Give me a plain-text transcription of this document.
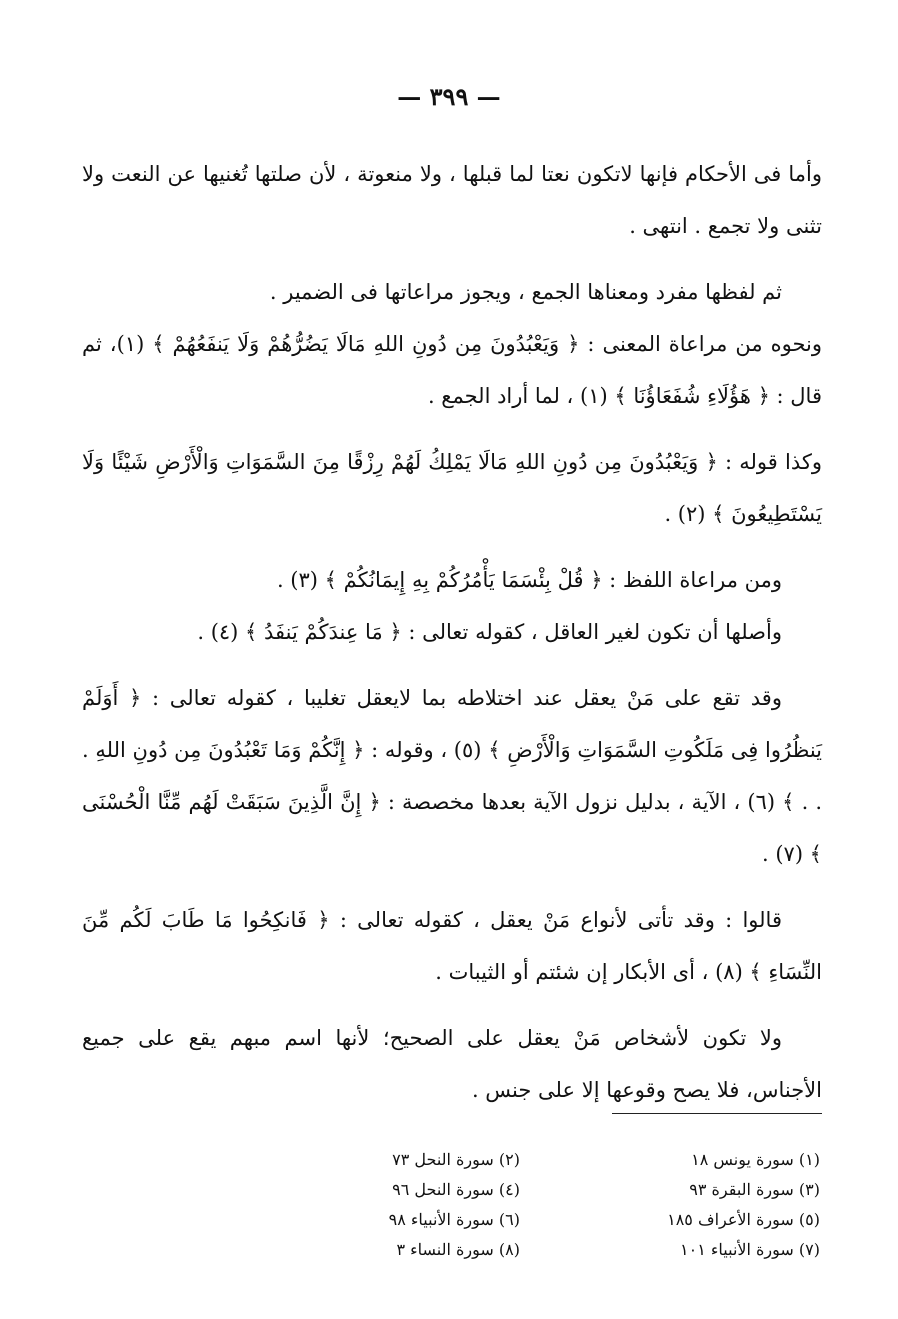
— ٣٩٩ —

وأما فى الأحكام فإنها لاتكون نعتا لما قبلها ، ولا منعوتة ، لأن صلتها تُغنيها عن النعت ولا تثنى ولا تجمع . انتهى .

ثم لفظها مفرد ومعناها الجمع ، ويجوز مراعاتها فى الضمير .

ونحوه من مراعاة المعنى : ﴿ وَيَعْبُدُونَ مِن دُونِ اللهِ مَالَا يَضُرُّهُمْ وَلَا يَنفَعُهُمْ ﴾ (١)، ثم قال : ﴿ هَؤُلَاءِ شُفَعَاؤُنَا ﴾ (١) ، لما أراد الجمع .

وكذا قوله : ﴿ وَيَعْبُدُونَ مِن دُونِ اللهِ مَالَا يَمْلِكُ لَهُمْ رِزْقًا مِنَ السَّمَوَاتِ وَالْأَرْضِ شَيْئًا وَلَا يَسْتَطِيعُونَ ﴾ (٢) .

ومن مراعاة اللفظ : ﴿ قُلْ بِئْسَمَا يَأْمُرُكُمْ بِهِ إِيمَانُكُمْ ﴾ (٣) .

وأصلها أن تكون لغير العاقل ، كقوله تعالى : ﴿ مَا عِندَكُمْ يَنفَدُ ﴾ (٤) .

وقد تقع على مَنْ يعقل عند اختلاطه بما لايعقل تغليبا ، كقوله تعالى : ﴿ أَوَلَمْ يَنظُرُوا فِى مَلَكُوتِ السَّمَوَاتِ وَالْأَرْضِ ﴾ (٥) ، وقوله : ﴿ إِنَّكُمْ وَمَا تَعْبُدُونَ مِن دُونِ اللهِ . . . ﴾ (٦) ، الآية ، بدليل نزول الآية بعدها مخصصة : ﴿ إِنَّ الَّذِينَ سَبَقَتْ لَهُم مِّنَّا الْحُسْنَى ﴾ (٧) .

قالوا : وقد تأتى لأنواع مَنْ يعقل ، كقوله تعالى : ﴿ فَانكِحُوا مَا طَابَ لَكُم مِّنَ النِّسَاءِ ﴾ (٨) ، أى الأبكار إن شئتم أو الثيبات .

ولا تكون لأشخاص مَنْ يعقل على الصحيح؛ لأنها اسم مبهم يقع على جميع الأجناس، فلا يصح وقوعها إلا على جنس .

(١) سورة يونس ١٨
(٢) سورة النحل ٧٣
(٣) سورة البقرة ٩٣
(٤) سورة النحل ٩٦
(٥) سورة الأعراف ١٨٥
(٦) سورة الأنبياء ٩٨
(٧) سورة الأنبياء ١٠١
(٨) سورة النساء ٣
